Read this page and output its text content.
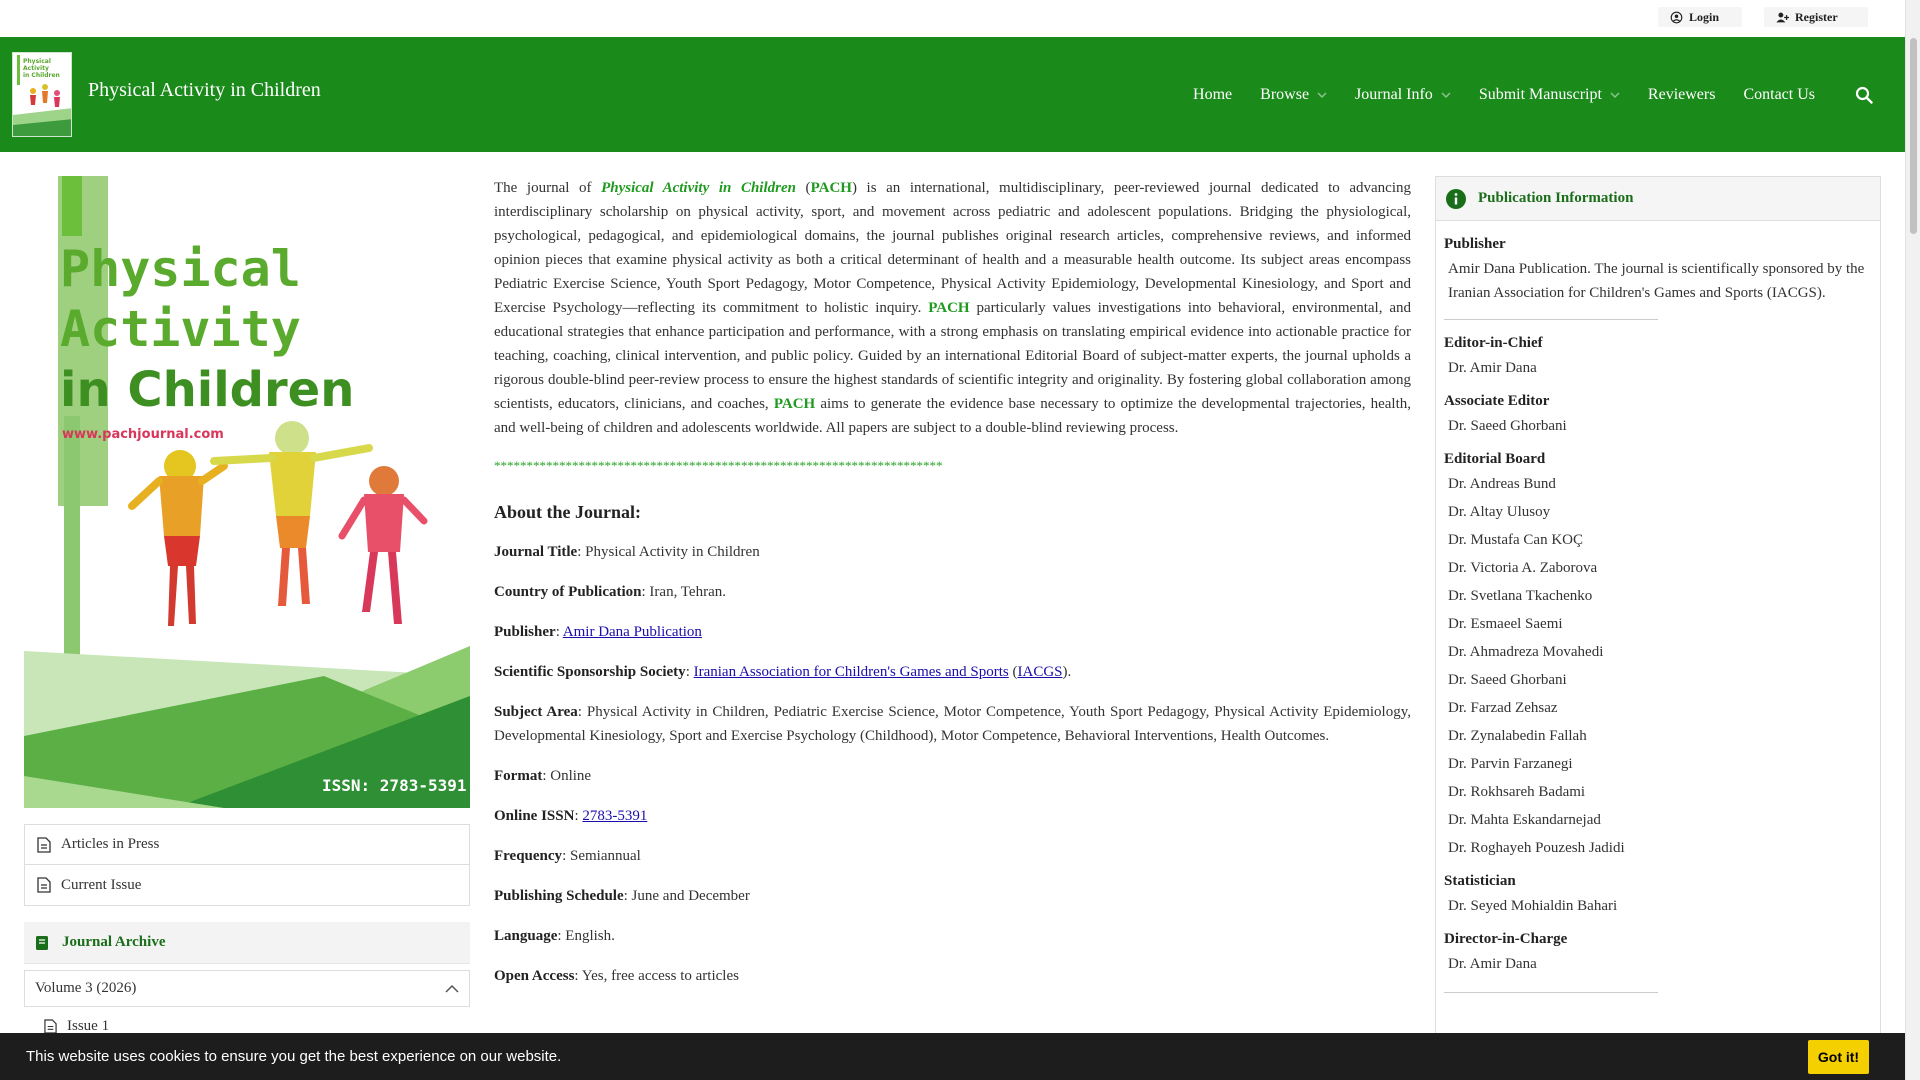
Login	Register
Physical
Activity
in Children
Physical Activity in Children	Home Browse	Journal Info	Submit Manuscript	Reviewers Contact Us
Physical
Activity
in Children
www.pachjournal.com
ISSN: 2783-5391
Articles in Press
Current Issue
Journal Archive
Volume 3 (2026)
Issue 1

The journal of Physical Activity in Children (PACH) is an international, multidisciplinary, peer-reviewed journal dedicated to advancing interdisciplinary scholarship on physical activity, sport, and movement across pediatric and adolescent populations. Bridging the physiological, psychological, pedagogical, and epidemiological domains, the journal publishes original research articles, comprehensive reviews, and informed opinion pieces that examine physical activity as both a critical determinant of health and a measurable health outcome. Its subject areas encompass Pediatric Exercise Science, Youth Sport Pedagogy, Motor Competence, Physical Activity Epidemiology, Developmental Kinesiology, and Sport and Exercise Psychology—reflecting its commitment to holistic inquiry. PACH particularly values investigations into behavioral, environmental, and educational strategies that enhance participation and performance, with a strong emphasis on translating empirical evidence into actionable practice for teaching, coaching, clinical intervention, and public policy. Guided by an international Editorial Board of subject-matter experts, the journal upholds a rigorous double-blind peer-review process to ensure the highest standards of scientific integrity and originality. By fostering global collaboration among scientists, educators, clinicians, and coaches, PACH aims to generate the evidence base necessary to optimize the developmental trajectories, health, and well-being of children and adolescents worldwide. All papers are subject to a double-blind reviewing process.

*********************************************************************
About the Journal:

Journal Title: Physical Activity in Children

Country of Publication: Iran, Tehran.

Publisher: Amir Dana Publication

Scientific Sponsorship Society: Iranian Association for Children's Games and Sports (IACGS).

Subject Area: Physical Activity in Children, Pediatric Exercise Science, Motor Competence, Youth Sport Pedagogy, Physical Activity Epidemiology, Developmental Kinesiology, Sport and Exercise Psychology (Childhood), Motor Competence, Behavioral Interventions, Health Outcomes.

Format: Online

Online ISSN: 2783-5391

Frequency: Semiannual

Publishing Schedule: June and December

Language: English.

Open Access: Yes, free access to articles

Publication Information
Publisher
Amir Dana Publication. The journal is scientifically sponsored by the Iranian Association for Children's Games and Sports (IACGS).
Editor-in-Chief
Dr. Amir Dana
Associate Editor
Dr. Saeed Ghorbani
Editorial Board
Dr. Andreas Bund
Dr. Altay Ulusoy
Dr. Mustafa Can KOÇ
Dr. Victoria A. Zaborova
Dr. Svetlana Tkachenko
Dr. Esmaeel Saemi
Dr. Ahmadreza Movahedi
Dr. Saeed Ghorbani
Dr. Farzad Zehsaz
Dr. Zynalabedin Fallah
Dr. Parvin Farzanegi
Dr. Rokhsareh Badami
Dr. Mahta Eskandarnejad
Dr. Roghayeh Pouzesh Jadidi
Statistician
Dr. Seyed Mohialdin Bahari
Director-in-Charge
Dr. Amir Dana
This website uses cookies to ensure you get the best experience on our website.	Got it!
